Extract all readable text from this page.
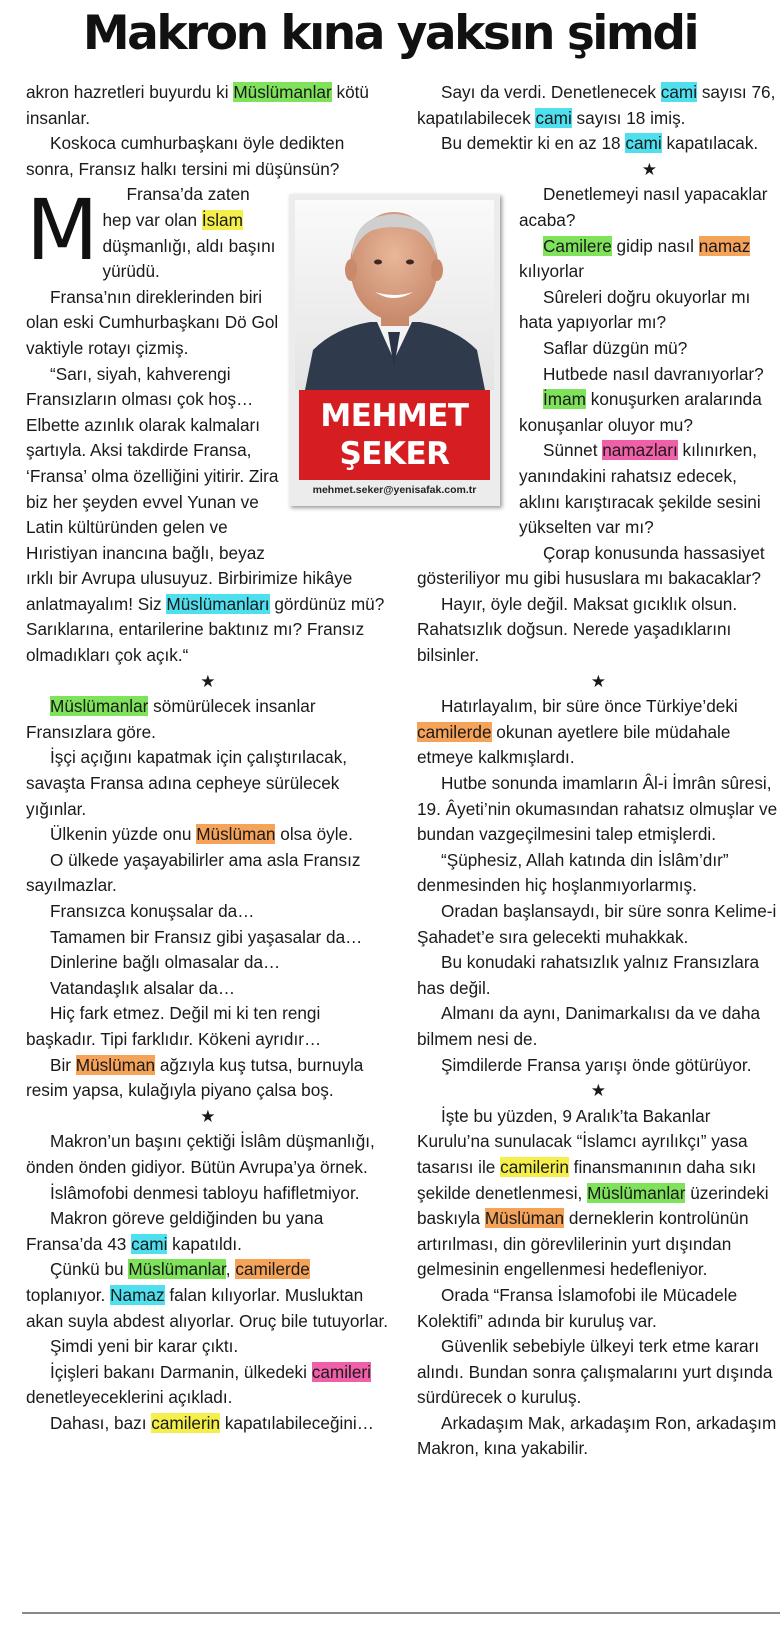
Makron kına yaksın şimdi

M
akron hazretleri buyurdu ki Müslümanlar kötü insanlar.

Koskoca cumhurbaşkanı öyle dedikten sonra, Fransız halkı tersini mi düşünsün?

Fransa’da zaten hep var olan İslam düşmanlığı, aldı başını yürüdü.

Fransa’nın direklerinden biri olan eski Cumhurbaşkanı Dö Gol vaktiyle rotayı çizmiş.

“Sarı, siyah, kahverengi Fransızların olması çok hoş… Elbette azınlık olarak kalmaları şartıyla. Aksi takdirde Fransa, ‘Fransa’ olma özelliğini yitirir. Zira biz her şeyden evvel Yunan ve Latin kültüründen gelen ve Hıristiyan inancına bağlı, beyaz ırklı bir Avrupa ulusuyuz. Birbirimize hikâye anlatmayalım! Siz Müslümanları gördünüz mü? Sarıklarına, entarilerine baktınız mı? Fransız olmadıkları çok açık.“

★

Müslümanlar sömürülecek insanlar Fransızlara göre.

İşçi açığını kapatmak için çalıştırılacak, savaşta Fransa adına cepheye sürülecek yığınlar.

Ülkenin yüzde onu Müslüman olsa öyle.

O ülkede yaşayabilirler ama asla Fransız sayılmazlar.

Fransızca konuşsalar da…

Tamamen bir Fransız gibi yaşasalar da…

Dinlerine bağlı olmasalar da…

Vatandaşlık alsalar da…

Hiç fark etmez. Değil mi ki ten rengi başkadır. Tipi farklıdır. Kökeni ayrıdır…

Bir Müslüman ağzıyla kuş tutsa, burnuyla resim yapsa, kulağıyla piyano çalsa boş.

★

Makron’un başını çektiği İslâm düşmanlığı, önden önden gidiyor. Bütün Avrupa’ya örnek.

İslâmofobi denmesi tabloyu hafifletmiyor.

Makron göreve geldiğinden bu yana Fransa’da 43 cami kapatıldı.

Çünkü bu Müslümanlar, camilerde toplanıyor. Namaz falan kılıyorlar. Musluktan akan suyla abdest alıyorlar. Oruç bile tutuyorlar.

Şimdi yeni bir karar çıktı.

İçişleri bakanı Darmanin, ülkedeki camileri denetleyeceklerini açıkladı.

Dahası, bazı camilerin kapatılabileceğini…

Sayı da verdi. Denetlenecek cami sayısı 76, kapatılabilecek cami sayısı 18 imiş.

Bu demektir ki en az 18 cami kapatılacak.

★

Denetlemeyi nasıl yapacaklar acaba?

Camilere gidip nasıl namaz kılıyorlar

Sûreleri doğru okuyorlar mı hata yapıyorlar mı?

Saflar düzgün mü?

Hutbede nasıl davranıyorlar?

İmam konuşurken aralarında konuşanlar oluyor mu?

Sünnet namazları kılınırken, yanındakini rahatsız edecek, aklını karıştıracak şekilde sesini yükselten var mı?

Çorap konusunda hassasiyet gösteriliyor mu gibi hususlara mı bakacaklar?

Hayır, öyle değil. Maksat gıcıklık olsun. Rahatsızlık doğsun. Nerede yaşadıklarını bilsinler.

★

Hatırlayalım, bir süre önce Türkiye’deki camilerde okunan ayetlere bile müdahale etmeye kalkmışlardı.

Hutbe sonunda imamların Âl-i İmrân sûresi, 19. Âyeti’nin okumasından rahatsız olmuşlar ve bundan vazgeçilmesini talep etmişlerdi.

“Şüphesiz, Allah katında din İslâm’dır” denmesinden hiç hoşlanmıyorlarmış.

Oradan başlansaydı, bir süre sonra Kelime-i Şahadet’e sıra gelecekti muhakkak.

Bu konudaki rahatsızlık yalnız Fransızlara has değil.

Almanı da aynı, Danimarkalısı da ve daha bilmem nesi de.

Şimdilerde Fransa yarışı önde götürüyor.

★

İşte bu yüzden, 9 Aralık’ta Bakanlar Kurulu’na sunulacak “İslamcı ayrılıkçı” yasa tasarısı ile camilerin finansmanının daha sıkı şekilde denetlenmesi, Müslümanlar üzerindeki baskıyla Müslüman derneklerin kontrolünün artırılması, din görevlilerinin yurt dışından gelmesinin engellenmesi hedefleniyor.

Orada “Fransa İslamofobi ile Mücadele Kolektifi” adında bir kuruluş var.

Güvenlik sebebiyle ülkeyi terk etme kararı alındı. Bundan sonra çalışmalarını yurt dışında sürdürecek o kuruluş.

Arkadaşım Mak, arkadaşım Ron, arkadaşım Makron, kına yakabilir.

MEHMET
ŞEKER
mehmet.seker@yenisafak.com.tr
